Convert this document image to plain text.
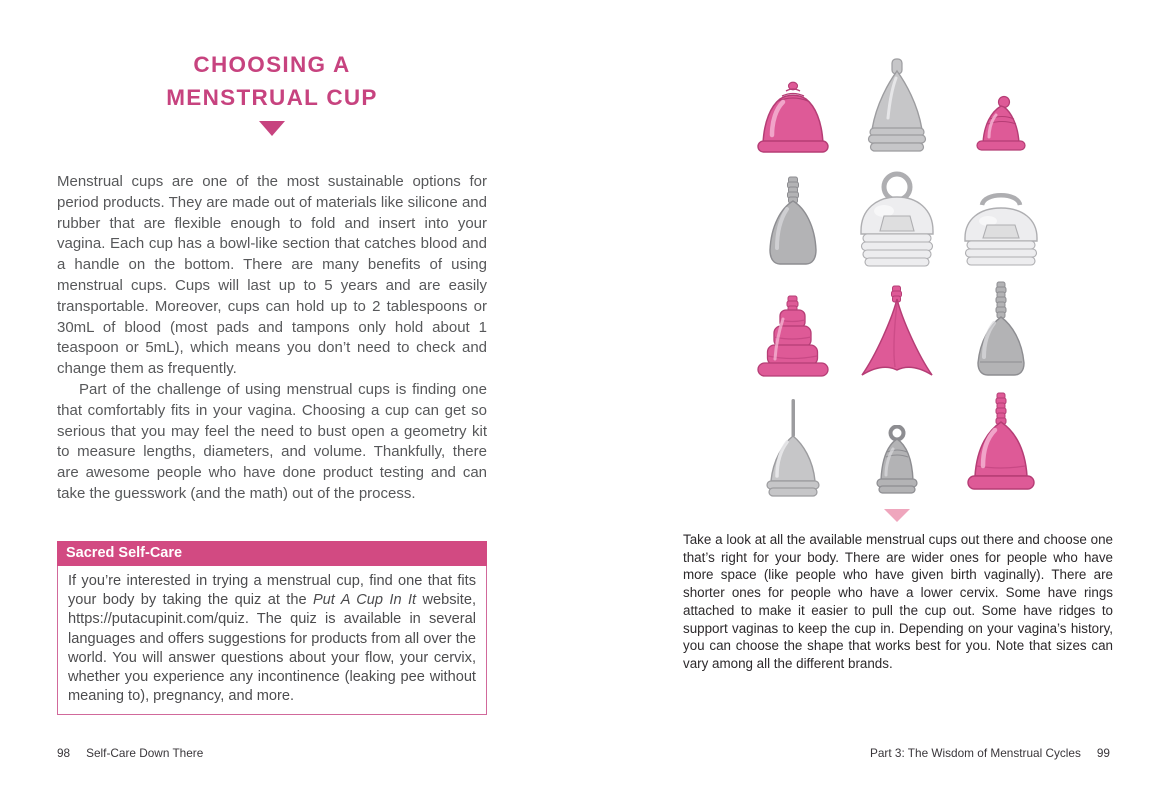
CHOOSING A
MENSTRUAL CUP

Menstrual cups are one of the most sustainable options for period products. They are made out of materials like silicone and rubber that are flexible enough to fold and insert into your vagina. Each cup has a bowl-like section that catches blood and a handle on the bottom. There are many benefits of using menstrual cups. Cups will last up to 5 years and are easily transportable. Moreover, cups can hold up to 2 tablespoons or 30mL of blood (most pads and tampons only hold about 1 teaspoon or 5mL), which means you don’t need to check and change them as frequently.

Part of the challenge of using menstrual cups is finding one that comfortably fits in your vagina. Choosing a cup can get so serious that you may feel the need to bust open a geometry kit to measure lengths, diameters, and volume. Thankfully, there are awesome people who have done product testing and can take the guesswork (and the math) out of the process.

Sacred Self-Care
If you’re interested in trying a menstrual cup, find one that fits your body by taking the quiz at the Put A Cup In It website, https://putacupinit.com/quiz. The quiz is available in several languages and offers suggestions for products from all over the world. You will answer questions about your flow, your cervix, whether you experience any incontinence (leaking pee without meaning to), pregnancy, and more.
98 Self-Care Down There
Take a look at all the available menstrual cups out there and choose one that’s right for your body. There are wider ones for people who have more space (like people who have given birth vaginally). There are shorter ones for people who have a lower cervix. Some have rings attached to make it easier to pull the cup out. Some have ridges to support vaginas to keep the cup in. Depending on your vagina’s history, you can choose the shape that works best for you. Note that sizes can vary among all the different brands.
Part 3: The Wisdom of Menstrual Cycles 99
